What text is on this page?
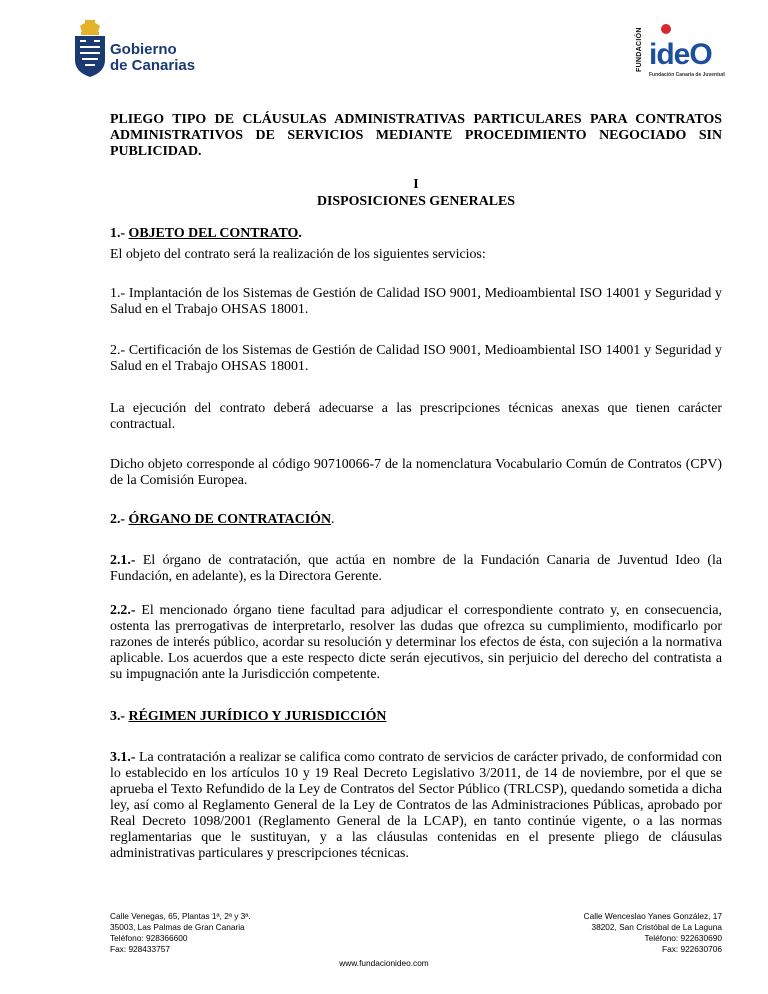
Gobierno
de Canarias	FUNDACIÓN ideO
Fundación Canaria de Juventud

PLIEGO TIPO DE CLÁUSULAS ADMINISTRATIVAS PARTICULARES PARA CONTRATOS ADMINISTRATIVOS DE SERVICIOS MEDIANTE PROCEDIMIENTO NEGOCIADO SIN PUBLICIDAD.

I

DISPOSICIONES GENERALES

1.- OBJETO DEL CONTRATO.

El objeto del contrato será la realización de los siguientes servicios:

1.- Implantación de los Sistemas de Gestión de Calidad ISO 9001, Medioambiental ISO 14001 y Seguridad y Salud en el Trabajo OHSAS 18001.

2.- Certificación de los Sistemas de Gestión de Calidad ISO 9001, Medioambiental ISO 14001 y Seguridad y Salud en el Trabajo OHSAS 18001.

La ejecución del contrato deberá adecuarse a las prescripciones técnicas anexas que tienen carácter contractual.

Dicho objeto corresponde al código 90710066-7 de la nomenclatura Vocabulario Común de Contratos (CPV) de la Comisión Europea.

2.- ÓRGANO DE CONTRATACIÓN.

2.1.- El órgano de contratación, que actúa en nombre de la Fundación Canaria de Juventud Ideo (la Fundación, en adelante), es la Directora Gerente.

2.2.- El mencionado órgano tiene facultad para adjudicar el correspondiente contrato y, en consecuencia, ostenta las prerrogativas de interpretarlo, resolver las dudas que ofrezca su cumplimiento, modificarlo por razones de interés público, acordar su resolución y determinar los efectos de ésta, con sujeción a la normativa aplicable. Los acuerdos que a este respecto dicte serán ejecutivos, sin perjuicio del derecho del contratista a su impugnación ante la Jurisdicción competente.

3.- RÉGIMEN JURÍDICO Y JURISDICCIÓN

3.1.- La contratación a realizar se califica como contrato de servicios de carácter privado, de conformidad con lo establecido en los artículos 10 y 19 Real Decreto Legislativo 3/2011, de 14 de noviembre, por el que se aprueba el Texto Refundido de la Ley de Contratos del Sector Público (TRLCSP), quedando sometida a dicha ley, así como al Reglamento General de la Ley de Contratos de las Administraciones Públicas, aprobado por Real Decreto 1098/2001 (Reglamento General de la LCAP), en tanto continúe vigente, o a las normas reglamentarias que le sustituyan, y a las cláusulas contenidas en el presente pliego de cláusulas administrativas particulares y prescripciones técnicas.

Calle Venegas, 65, Plantas 1ª, 2ª y 3ª.
35003, Las Palmas de Gran Canaria
Teléfono: 928366600
Fax: 928433757
Calle Wenceslao Yanes González, 17
38202, San Cristóbal de La Laguna
Teléfono: 922630690
Fax: 922630706
www.fundacionideo.com
